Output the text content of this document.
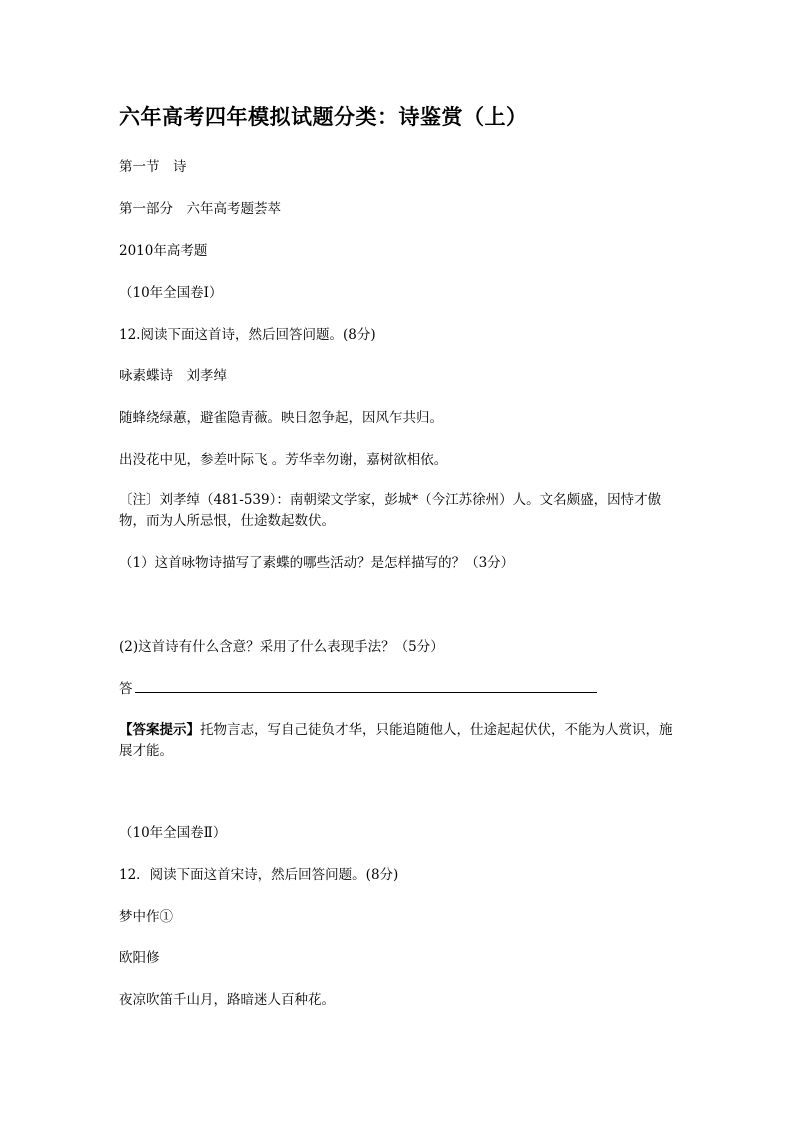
六年高考四年模拟试题分类：诗鉴赏（上）
第一节　诗
第一部分　六年高考题荟萃
2010年高考题
（10年全国卷Ⅰ）
12.阅读下面这首诗，然后回答问题。(8分)
咏素蝶诗　刘孝绰
随蜂绕绿蕙，避雀隐青薇。映日忽争起，因风乍共归。
出没花中见，参差叶际飞 。芳华幸勿谢，嘉树欲相依。
〔注〕刘孝绰（481-539）：南朝梁文学家，彭城*（今江苏徐州）人。文名颇盛，因恃才傲物，而为人所忌恨，仕途数起数伏。
（1）这首咏物诗描写了素蝶的哪些活动？是怎样描写的？（3分）
(2)这首诗有什么含意？采用了什么表现手法？（5分）
答
【答案提示】托物言志，写自己徒负才华，只能追随他人，仕途起起伏伏，不能为人赏识，施展才能。
（10年全国卷Ⅱ）
12．阅读下面这首宋诗，然后回答问题。(8分)
梦中作①
欧阳修
夜凉吹笛千山月，路暗迷人百种花。
